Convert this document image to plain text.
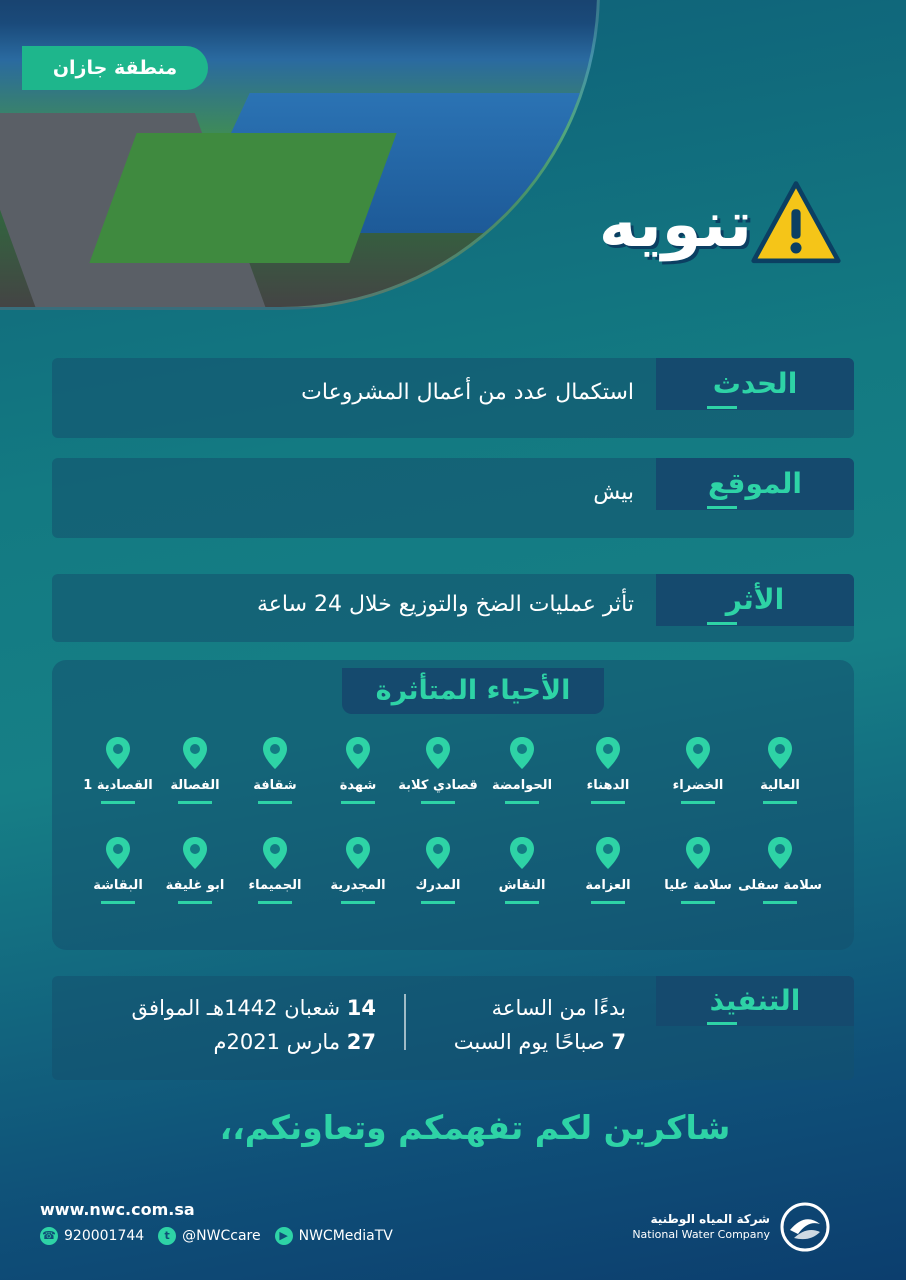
منطقة جازان
تنويه
الحدث
استكمال عدد من أعمال المشروعات
الموقع
بيش
الأثر
تأثر عمليات الضخ والتوزيع خلال 24 ساعة
الأحياء المتأثرة
العالية
الخضراء
الدهناء
الحوامضة
قصادي كلابة
شهدة
شقافة
الفصالة
القصادية 1
سلامة سفلى
سلامة عليا
العزامة
النقاش
المدرك
المجدرية
الجميماء
ابو غليفة
البقاشة
التنفيذ
بدءًا من الساعة
7 صباحًا يوم السبت
14 شعبان 1442هـ الموافق
27 مارس 2021م
شاكرين لكم تفهمكم وتعاونكم،،
www.nwc.com.sa
☎ 920001744	t @NWCcare	▶ NWCMediaTV
شركة المياه الوطنية
National Water Company
